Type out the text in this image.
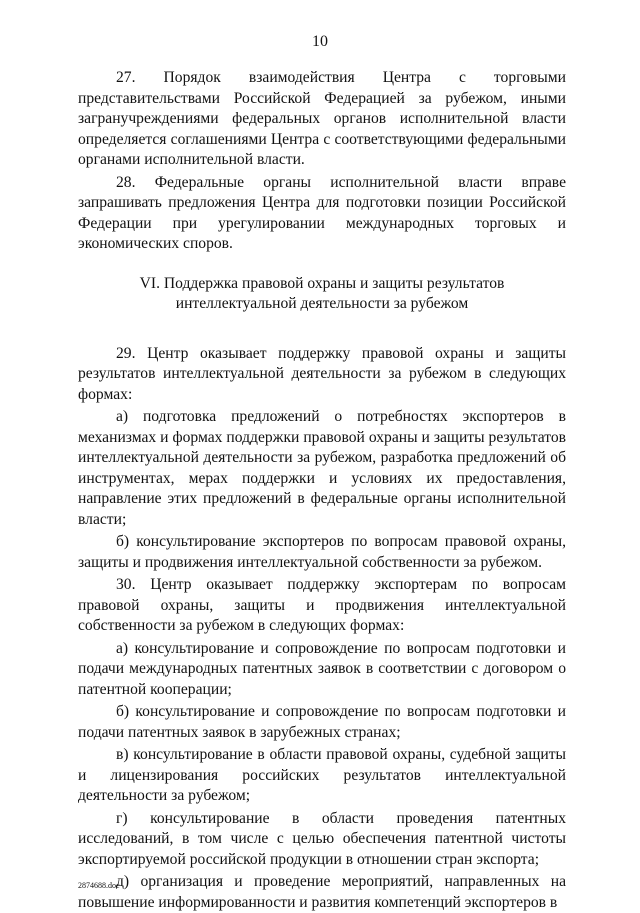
10

27. Порядок взаимодействия Центра с торговыми представительствами Российской Федерацией за рубежом, иными загранучреждениями федеральных органов исполнительной власти определяется соглашениями Центра с соответствующими федеральными органами исполнительной власти.

28. Федеральные органы исполнительной власти вправе запрашивать предложения Центра для подготовки позиции Российской Федерации при урегулировании международных торговых и экономических споров.

VI. Поддержка правовой охраны и защиты результатов
интеллектуальной деятельности за рубежом

29. Центр оказывает поддержку правовой охраны и защиты результатов интеллектуальной деятельности за рубежом в следующих формах:

а) подготовка предложений о потребностях экспортеров в механизмах и формах поддержки правовой охраны и защиты результатов интеллектуальной деятельности за рубежом, разработка предложений об инструментах, мерах поддержки и условиях их предоставления, направление этих предложений в федеральные органы исполнительной власти;

б) консультирование экспортеров по вопросам правовой охраны, защиты и продвижения интеллектуальной собственности за рубежом.

30. Центр оказывает поддержку экспортерам по вопросам правовой охраны, защиты и продвижения интеллектуальной собственности за рубежом в следующих формах:

а) консультирование и сопровождение по вопросам подготовки и подачи международных патентных заявок в соответствии с договором о патентной кооперации;

б) консультирование и сопровождение по вопросам подготовки и подачи патентных заявок в зарубежных странах;

в) консультирование в области правовой охраны, судебной защиты и лицензирования российских результатов интеллектуальной деятельности за рубежом;

г) консультирование в области проведения патентных исследований, в том числе с целью обеспечения патентной чистоты экспортируемой российской продукции в отношении стран экспорта;

д) организация и проведение мероприятий, направленных на повышение информированности и развития компетенций экспортеров в

2874688.doc
